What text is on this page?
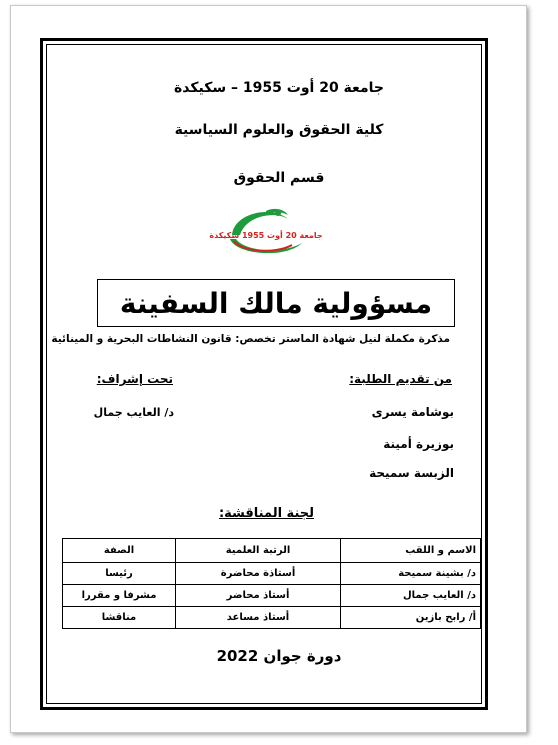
جامعة 20 أوت 1955 – سكيكدة
كلية الحقوق والعلوم السياسية
قسم الحقوق
جامعة 20 أوت 1955 سكيكدة
مسؤولية مالك السفينة
مذكرة مكملة لنيل شهادة الماستر تخصص: قانون النشاطات البحرية و المينائية
من تقديم الطلبة:
تحت إشراف:
بوشامة يسرى
د/ العايب جمال
بوزيرة أمينة
الزبسة سميحة
لجنة المناقشة:
الاسم و اللقب	الرتبة العلمية	الصفة
د/ بشينة سميحة	أستاذة محاضرة	رئيسا
د/ العايب جمال	أستاذ محاضر	مشرفا و مقررا
أ/ رابح بازين	أستاذ مساعد	مناقشا
دورة جوان 2022
